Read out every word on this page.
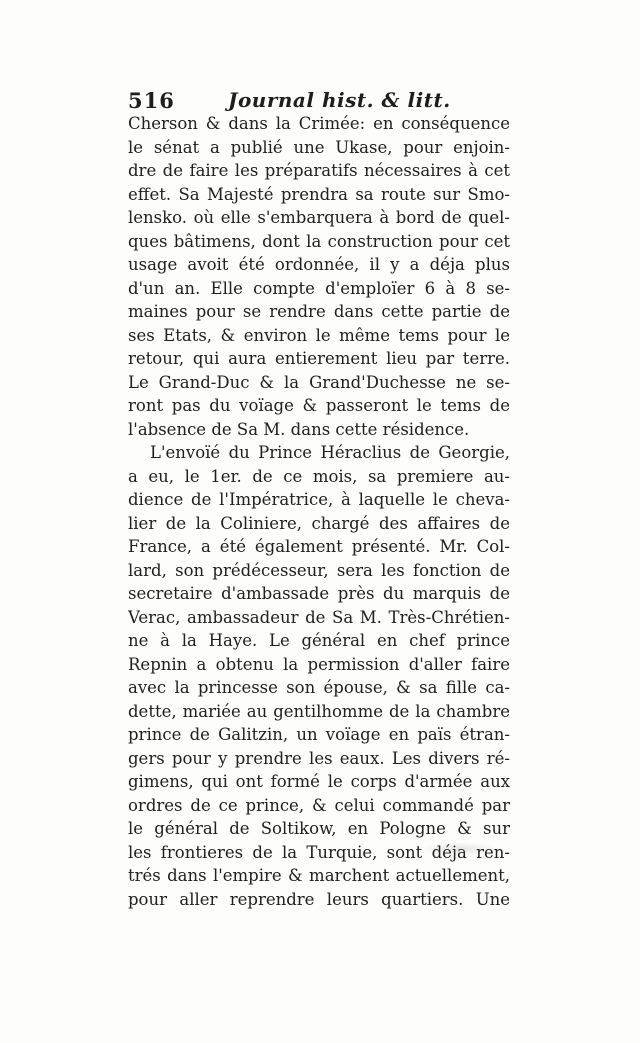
516	Journal hist. & litt.
Cherson & dans la Crimée: en conséquence
le sénat a publié une Ukase, pour enjoin-
dre de faire les préparatifs nécessaires à cet
effet. Sa Majesté prendra sa route sur Smo-
lensko. où elle s'embarquera à bord de quel-
ques bâtimens, dont la construction pour cet
usage avoit été ordonnée, il y a déja plus
d'un an. Elle compte d'emploïer 6 à 8 se-
maines pour se rendre dans cette partie de
ses Etats, & environ le même tems pour le
retour, qui aura entierement lieu par terre.
Le Grand-Duc & la Grand'Duchesse ne se-
ront pas du voïage & passeront le tems de
l'absence de Sa M. dans cette résidence.
L'envoïé du Prince Héraclius de Georgie,
a eu, le 1er. de ce mois, sa premiere au-
dience de l'Impératrice, à laquelle le cheva-
lier de la Coliniere, chargé des affaires de
France, a été également présenté. Mr. Col-
lard, son prédécesseur, sera les fonction de
secretaire d'ambassade près du marquis de
Verac, ambassadeur de Sa M. Très-Chrétien-
ne à la Haye. Le général en chef prince
Repnin a obtenu la permission d'aller faire
avec la princesse son épouse, & sa fille ca-
dette, mariée au gentilhomme de la chambre
prince de Galitzin, un voïage en païs étran-
gers pour y prendre les eaux. Les divers ré-
gimens, qui ont formé le corps d'armée aux
ordres de ce prince, & celui commandé par
le général de Soltikow, en Pologne & sur
les frontieres de la Turquie, sont déja ren-
trés dans l'empire & marchent actuellement,
pour aller reprendre leurs quartiers. Une
